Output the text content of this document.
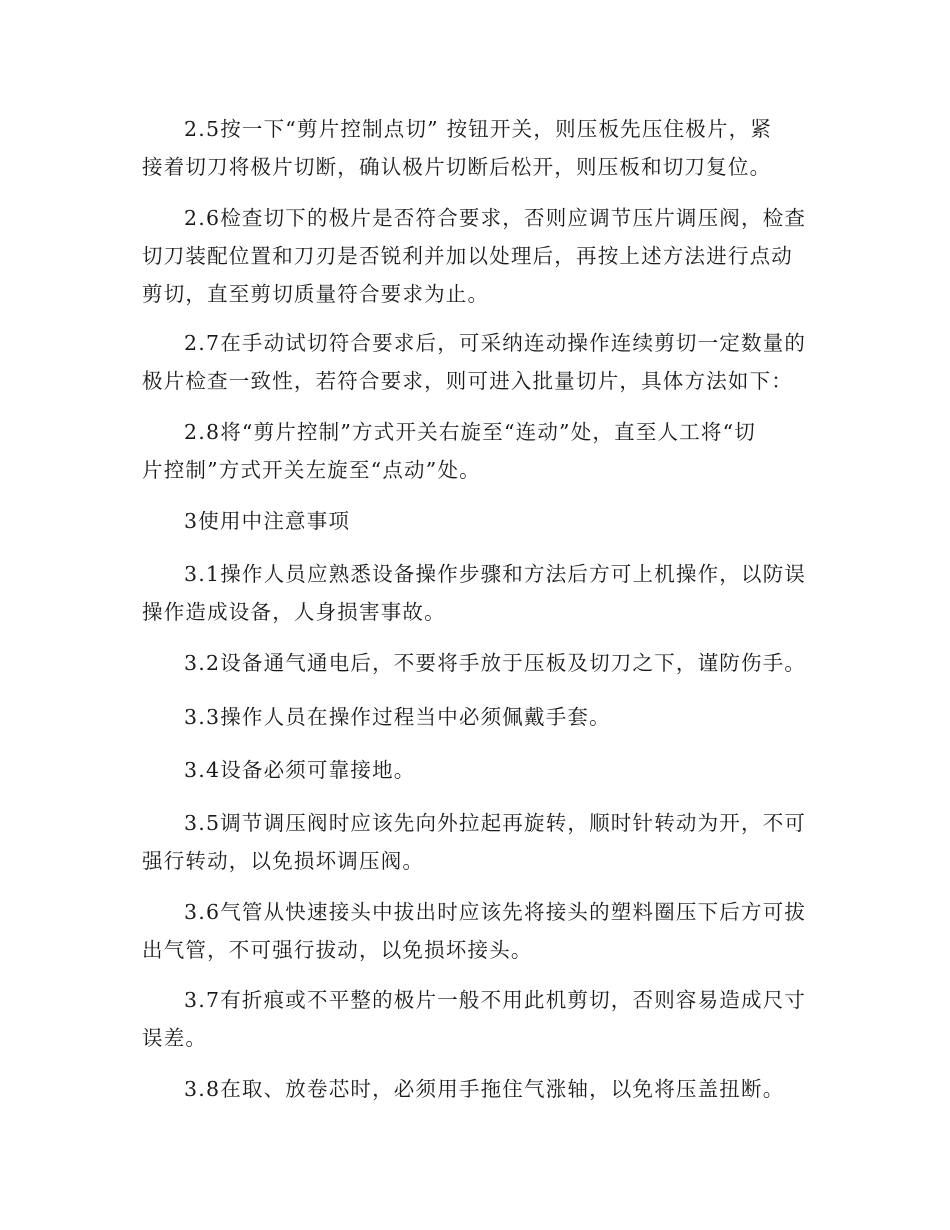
2.5按一下“剪片控制点切” 按钮开关，则压板先压住极片，紧
接着切刀将极片切断，确认极片切断后松开，则压板和切刀复位。

2.6检查切下的极片是否符合要求，否则应调节压片调压阀，检查
切刀装配位置和刀刃是否锐利并加以处理后，再按上述方法进行点动
剪切，直至剪切质量符合要求为止。

2.7在手动试切符合要求后，可采纳连动操作连续剪切一定数量的
极片检查一致性，若符合要求，则可进入批量切片，具体方法如下：

2.8将“剪片控制”方式开关右旋至“连动”处，直至人工将“切
片控制”方式开关左旋至“点动”处。

3使用中注意事项

3.1操作人员应熟悉设备操作步骤和方法后方可上机操作，以防误
操作造成设备，人身损害事故。

3.2设备通气通电后，不要将手放于压板及切刀之下，谨防伤手。

3.3操作人员在操作过程当中必须佩戴手套。

3.4设备必须可靠接地。

3.5调节调压阀时应该先向外拉起再旋转，顺时针转动为开，不可
强行转动，以免损坏调压阀。

3.6气管从快速接头中拔出时应该先将接头的塑料圈压下后方可拔
出气管，不可强行拔动，以免损坏接头。

3.7有折痕或不平整的极片一般不用此机剪切，否则容易造成尺寸
误差。

3.8在取、放卷芯时，必须用手拖住气涨轴，以免将压盖扭断。
